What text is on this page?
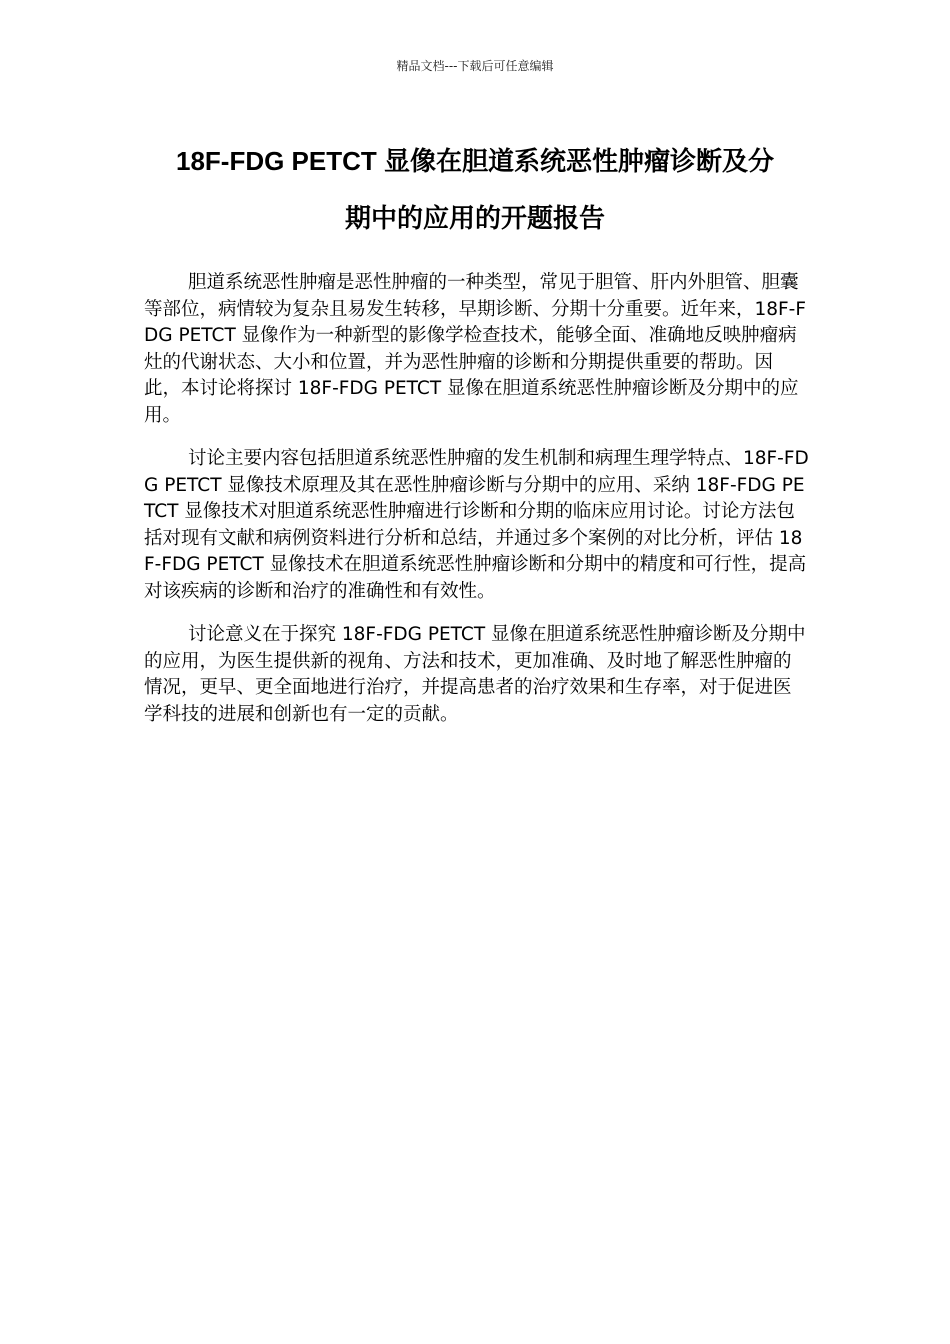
精品文档---下载后可任意编辑
18F-FDG PETCT 显像在胆道系统恶性肿瘤诊断及分
期中的应用的开题报告

胆道系统恶性肿瘤是恶性肿瘤的一种类型，常见于胆管、肝内外胆管、胆囊等部位，病情较为复杂且易发生转移，早期诊断、分期十分重要。近年来，18F-FDG PETCT 显像作为一种新型的影像学检查技术，能够全面、准确地反映肿瘤病灶的代谢状态、大小和位置，并为恶性肿瘤的诊断和分期提供重要的帮助。因此，本讨论将探讨 18F-FDG PETCT 显像在胆道系统恶性肿瘤诊断及分期中的应用。

讨论主要内容包括胆道系统恶性肿瘤的发生机制和病理生理学特点、18F-FDG PETCT 显像技术原理及其在恶性肿瘤诊断与分期中的应用、采纳 18F-FDG PETCT 显像技术对胆道系统恶性肿瘤进行诊断和分期的临床应用讨论。讨论方法包括对现有文献和病例资料进行分析和总结，并通过多个案例的对比分析，评估 18F-FDG PETCT 显像技术在胆道系统恶性肿瘤诊断和分期中的精度和可行性，提高对该疾病的诊断和治疗的准确性和有效性。

讨论意义在于探究 18F-FDG PETCT 显像在胆道系统恶性肿瘤诊断及分期中的应用，为医生提供新的视角、方法和技术，更加准确、及时地了解恶性肿瘤的情况，更早、更全面地进行治疗，并提高患者的治疗效果和生存率，对于促进医学科技的进展和创新也有一定的贡献。
